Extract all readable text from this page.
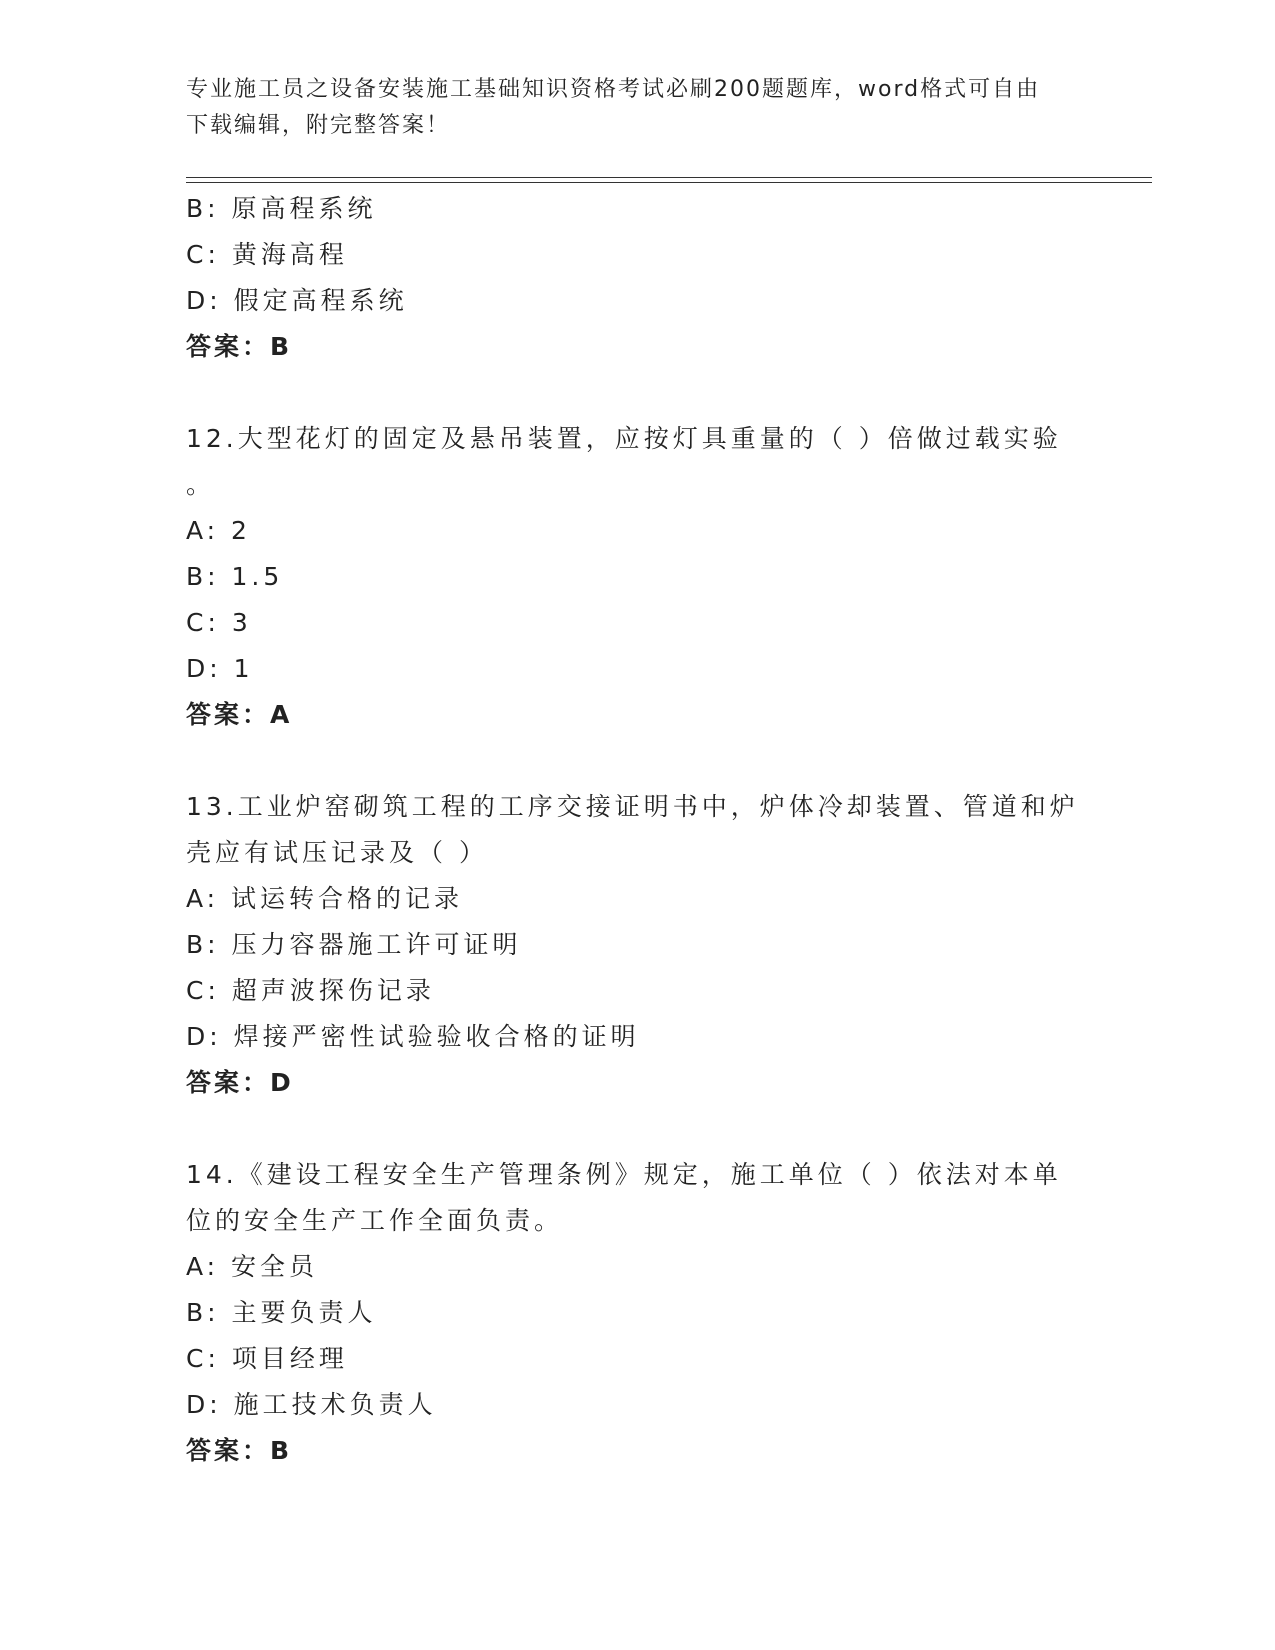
专业施工员之设备安装施工基础知识资格考试必刷200题题库，word格式可自由
下载编辑，附完整答案！
B: 原高程系统
C: 黄海高程
D: 假定高程系统
答案：B
12.大型花灯的固定及悬吊装置，应按灯具重量的（ ）倍做过载实验
。
A: 2
B: 1.5
C: 3
D: 1
答案：A
13.工业炉窑砌筑工程的工序交接证明书中，炉体冷却装置、管道和炉
壳应有试压记录及（ ）
A: 试运转合格的记录
B: 压力容器施工许可证明
C: 超声波探伤记录
D: 焊接严密性试验验收合格的证明
答案：D
14.《建设工程安全生产管理条例》规定，施工单位（ ）依法对本单
位的安全生产工作全面负责。
A: 安全员
B: 主要负责人
C: 项目经理
D: 施工技术负责人
答案：B
